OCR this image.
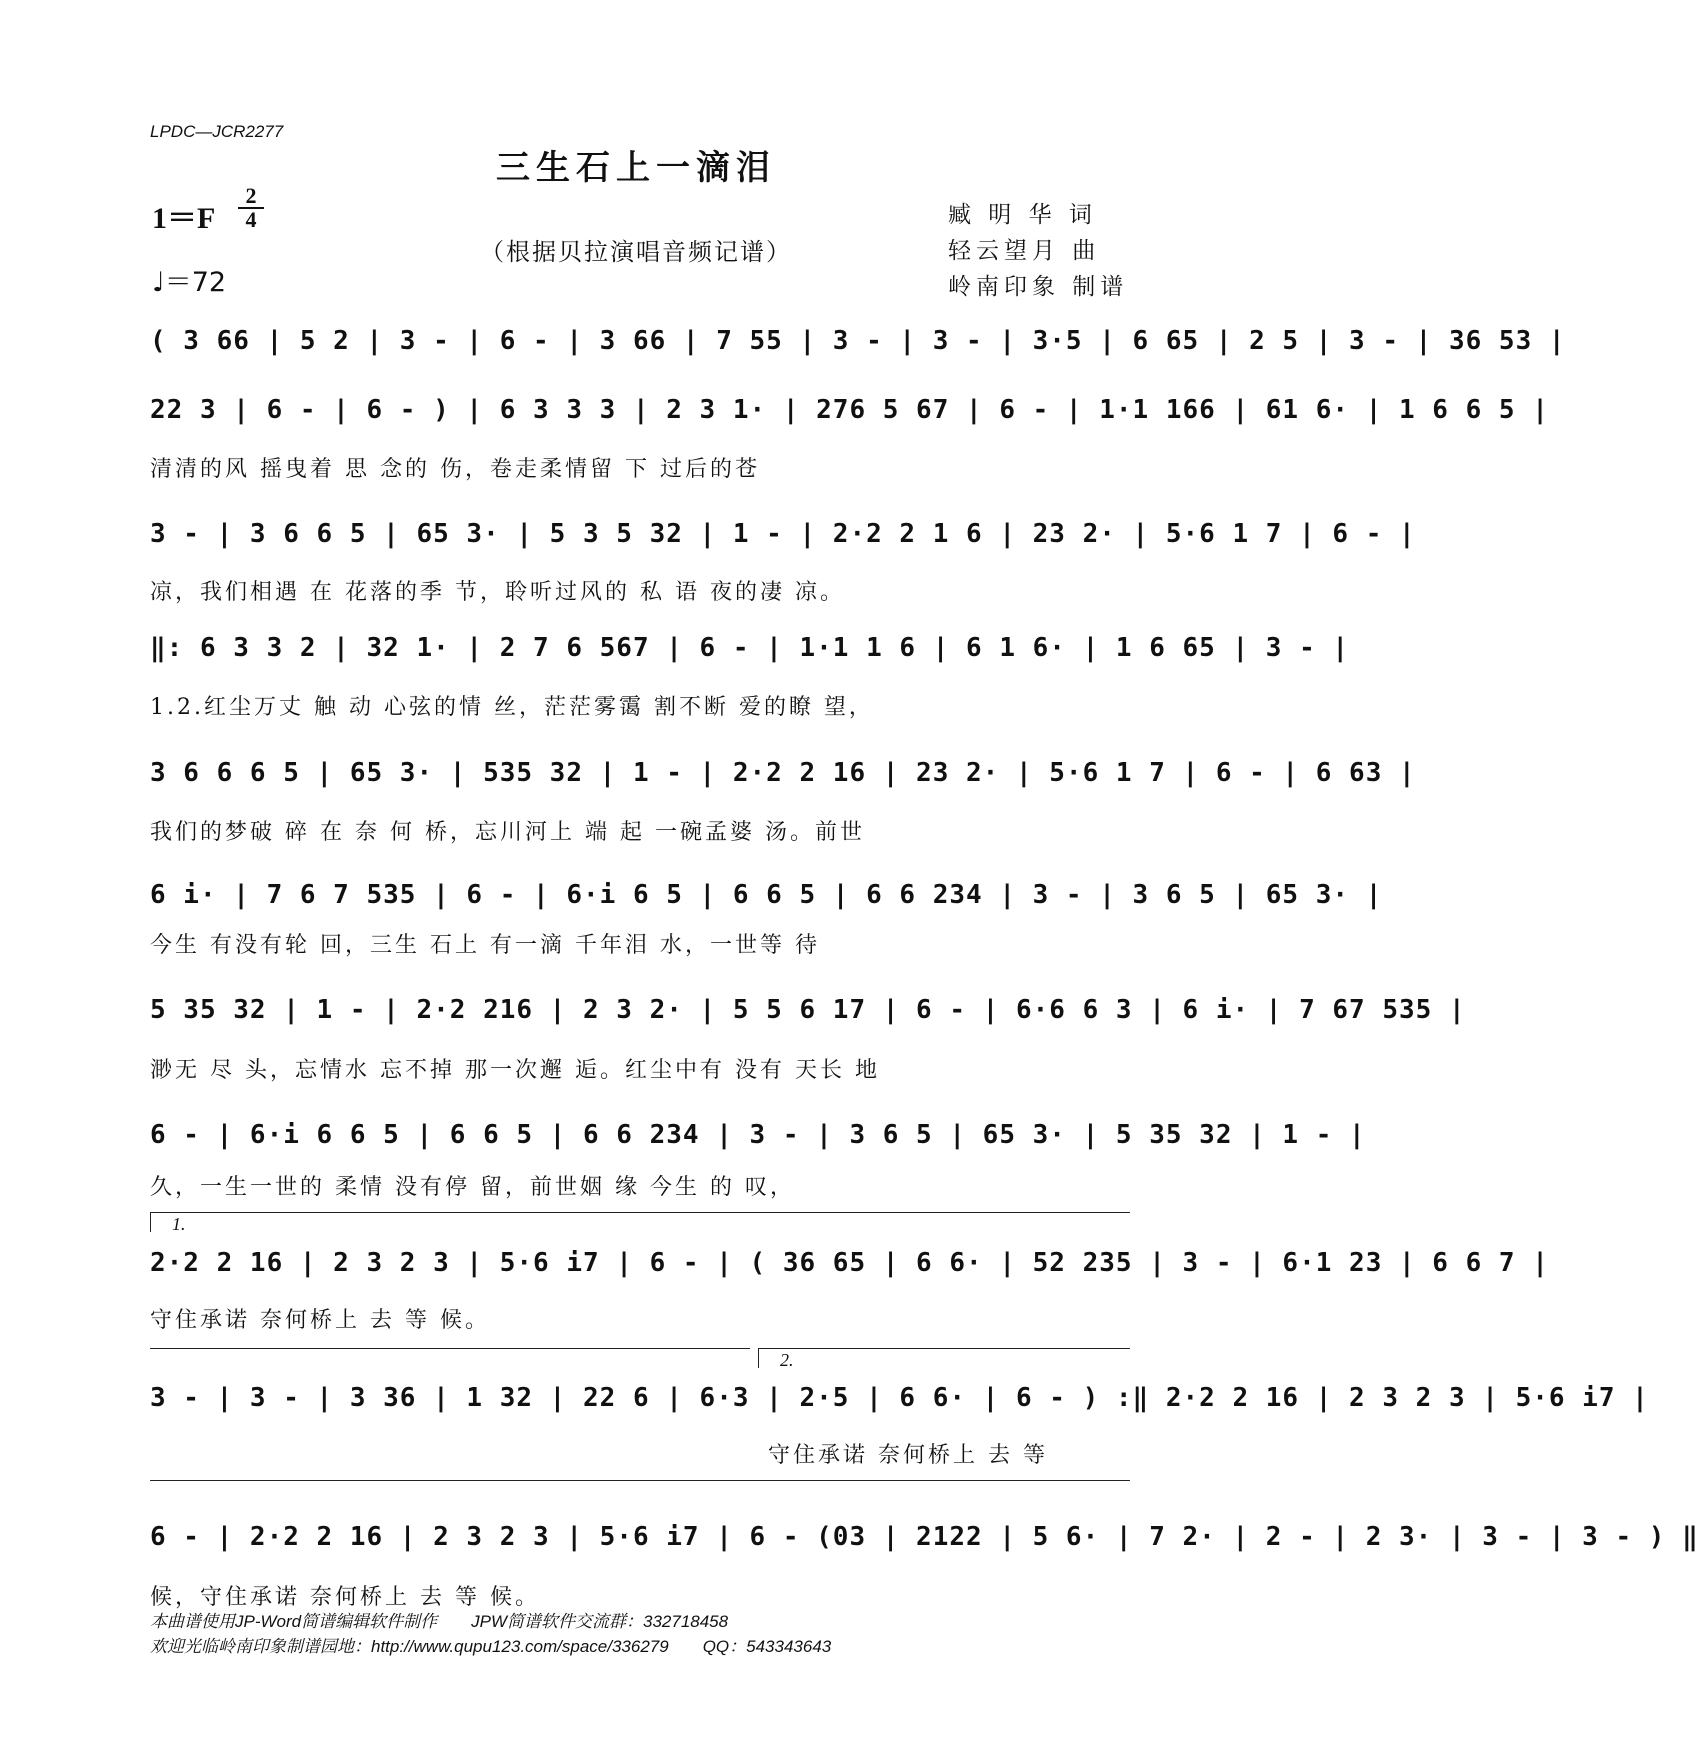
LPDC—JCR2277
三生石上一滴泪
1＝F
2
4
♩＝72
（根据贝拉演唱音频记谱）
臧 明 华 词
轻云望月 曲
岭南印象 制谱
( 3 66 | 5 2 | 3 - | 6 - | 3 66 | 7 55 | 3 - | 3 - | 3·5 | 6 65 | 2 5 | 3 - | 36 53 |
22 3 | 6 - | 6 - ) | 6 3 3 3 | 2 3 1· | 276 5 67 | 6 - | 1·1 166 | 61 6· | 1 6 6 5 |
清清的风 摇曳着 思 念的 伤，卷走柔情留 下 过后的苍
3 - | 3 6 6 5 | 65 3· | 5 3 5 32 | 1 - | 2·2 2 1 6 | 23 2· | 5·6 1 7 | 6 - |
凉，我们相遇 在 花落的季 节，聆听过风的 私 语 夜的凄 凉。
‖: 6 3 3 2 | 32 1· | 2 7 6 567 | 6 - | 1·1 1 6 | 6 1 6· | 1 6 65 | 3 - |
1.2.红尘万丈 触 动 心弦的情 丝，茫茫雾霭 割不断 爱的瞭 望，
3 6 6 6 5 | 65 3· | 535 32 | 1 - | 2·2 2 16 | 23 2· | 5·6 1 7 | 6 - | 6 63 |
我们的梦破 碎 在 奈 何 桥，忘川河上 端 起 一碗孟婆 汤。前世
6 i· | 7 6 7 535 | 6 - | 6·i 6 5 | 6 6 5 | 6 6 234 | 3 - | 3 6 5 | 65 3· |
今生 有没有轮 回，三生 石上 有一滴 千年泪 水，一世等 待
5 35 32 | 1 - | 2·2 216 | 2 3 2· | 5 5 6 17 | 6 - | 6·6 6 3 | 6 i· | 7 67 535 |
渺无 尽 头，忘情水 忘不掉 那一次邂 逅。红尘中有 没有 天长 地
6 - | 6·i 6 6 5 | 6 6 5 | 6 6 234 | 3 - | 3 6 5 | 65 3· | 5 35 32 | 1 - |
久，一生一世的 柔情 没有停 留，前世姻 缘 今生 的 叹，
1.
2·2 2 16 | 2 3 2 3 | 5·6 i7 | 6 - | ( 36 65 | 6 6· | 52 235 | 3 - | 6·1 23 | 6 6 7 |
守住承诺 奈何桥上 去 等 候。
2.
3 - | 3 - | 3 36 | 1 32 | 22 6 | 6·3 | 2·5 | 6 6· | 6 - ) :‖ 2·2 2 16 | 2 3 2 3 | 5·6 i7 |
守住承诺 奈何桥上 去 等
6 - | 2·2 2 16 | 2 3 2 3 | 5·6 i7 | 6 - (03 | 2122 | 5 6· | 7 2· | 2 - | 2 3· | 3 - | 3 - ) ‖
候，守住承诺 奈何桥上 去 等 候。
本曲谱使用JP-Word简谱编辑软件制作　　JPW简谱软件交流群：332718458
欢迎光临岭南印象制谱园地：http://www.qupu123.com/space/336279　　QQ：543343643
